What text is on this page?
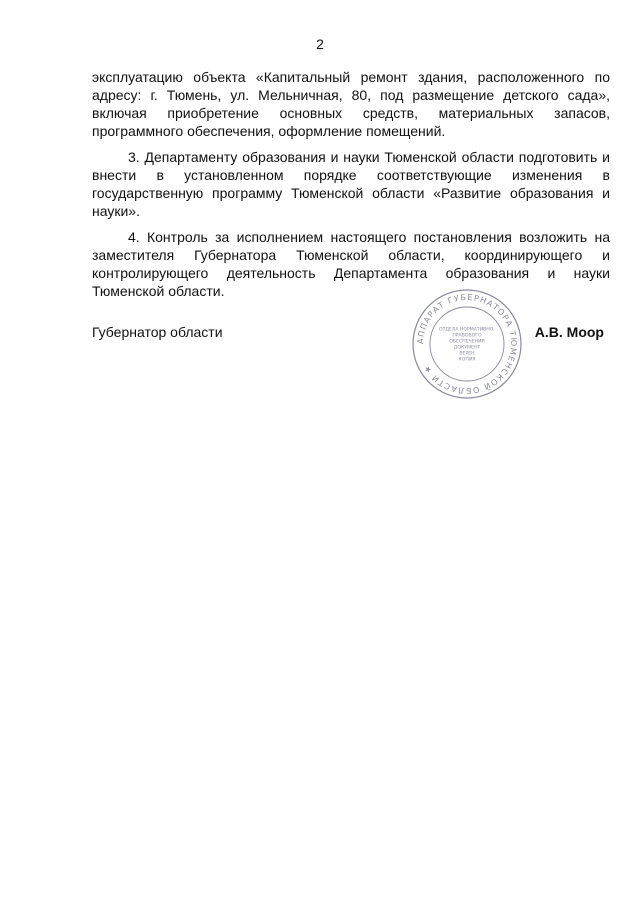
2

эксплуатацию объекта «Капитальный ремонт здания, расположенного по адресу: г. Тюмень, ул. Мельничная, 80, под размещение детского сада», включая приобретение основных средств, материальных запасов, программного обеспечения, оформление помещений.

3. Департаменту образования и науки Тюменской области подготовить и внести в установленном порядке соответствующие изменения в государственную программу Тюменской области «Развитие образования и науки».

4. Контроль за исполнением настоящего постановления возложить на заместителя Губернатора Тюменской области, координирующего и контролирующего деятельность Департамента образования и науки Тюменской области.

Губернатор области	А.В. Моор
АППАРАТ ГУБЕРНАТОРА ТЮМЕНСКОЙ ОБЛАСТИ ★
ОТДЕЛА НОРМАТИВНО-
ПРАВОВОГО
ОБЕСПЕЧЕНИЯ
ДОКУМЕНТ
ВЕРЕН
КОПИЯ
